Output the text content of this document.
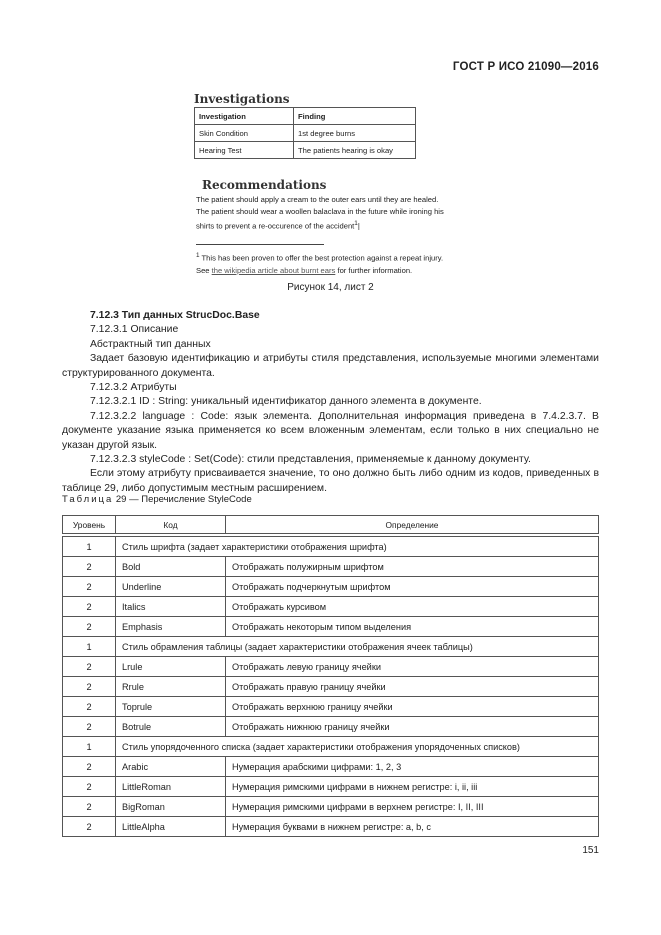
ГОСТ Р ИСО 21090—2016
Investigations
Investigation	Finding
Skin Condition	1st degree burns
Hearing Test	The patients hearing is okay
Recommendations
The patient should apply a cream to the outer ears until they are healed.
The patient should wear a woollen balaclava in the future while ironing his
shirts to prevent a re-occurence of the accident$^1$|
$^1$ This has been proven to offer the best protection against a repeat injury.
See the wikipedia article about burnt ears for further information.
Рисунок 14, лист 2

7.12.3 Тип данных StrucDoc.Base

7.12.3.1 Описание

Абстрактный тип данных

Задает базовую идентификацию и атрибуты стиля представления, используемые многими элементами структурированного документа.

7.12.3.2 Атрибуты

7.12.3.2.1 ID : String: уникальный идентификатор данного элемента в документе.

7.12.3.2.2 language : Code: язык элемента. Дополнительная информация приведена в 7.4.2.3.7. В документе указание языка применяется ко всем вложенным элементам, если только в них специально не указан другой язык.

7.12.3.2.3 styleCode : Set(Code): стили представления, применяемые к данному документу.

Если этому атрибуту присваивается значение, то оно должно быть либо одним из кодов, приведенных в таблице 29, либо допустимым местным расширением.

Таблица 29 — Перечисление StyleCode
Уровень	Код	Определение

1	Стиль шрифта (задает характеристики отображения шрифта)	
2	Bold	Отображать полужирным шрифтом
2	Underline	Отображать подчеркнутым шрифтом
2	Italics	Отображать курсивом
2	Emphasis	Отображать некоторым типом выделения
1	Стиль обрамления таблицы (задает характеристики отображения ячеек таблицы)	
2	Lrule	Отображать левую границу ячейки
2	Rrule	Отображать правую границу ячейки
2	Toprule	Отображать верхнюю границу ячейки
2	Botrule	Отображать нижнюю границу ячейки
1	Стиль упорядоченного списка (задает характеристики отображения упорядоченных списков)	
2	Arabic	Нумерация арабскими цифрами: 1, 2, 3
2	LittleRoman	Нумерация римскими цифрами в нижнем регистре: i, ii, iii
2	BigRoman	Нумерация римскими цифрами в верхнем регистре: I, II, III
2	LittleAlpha	Нумерация буквами в нижнем регистре: a, b, c
151
